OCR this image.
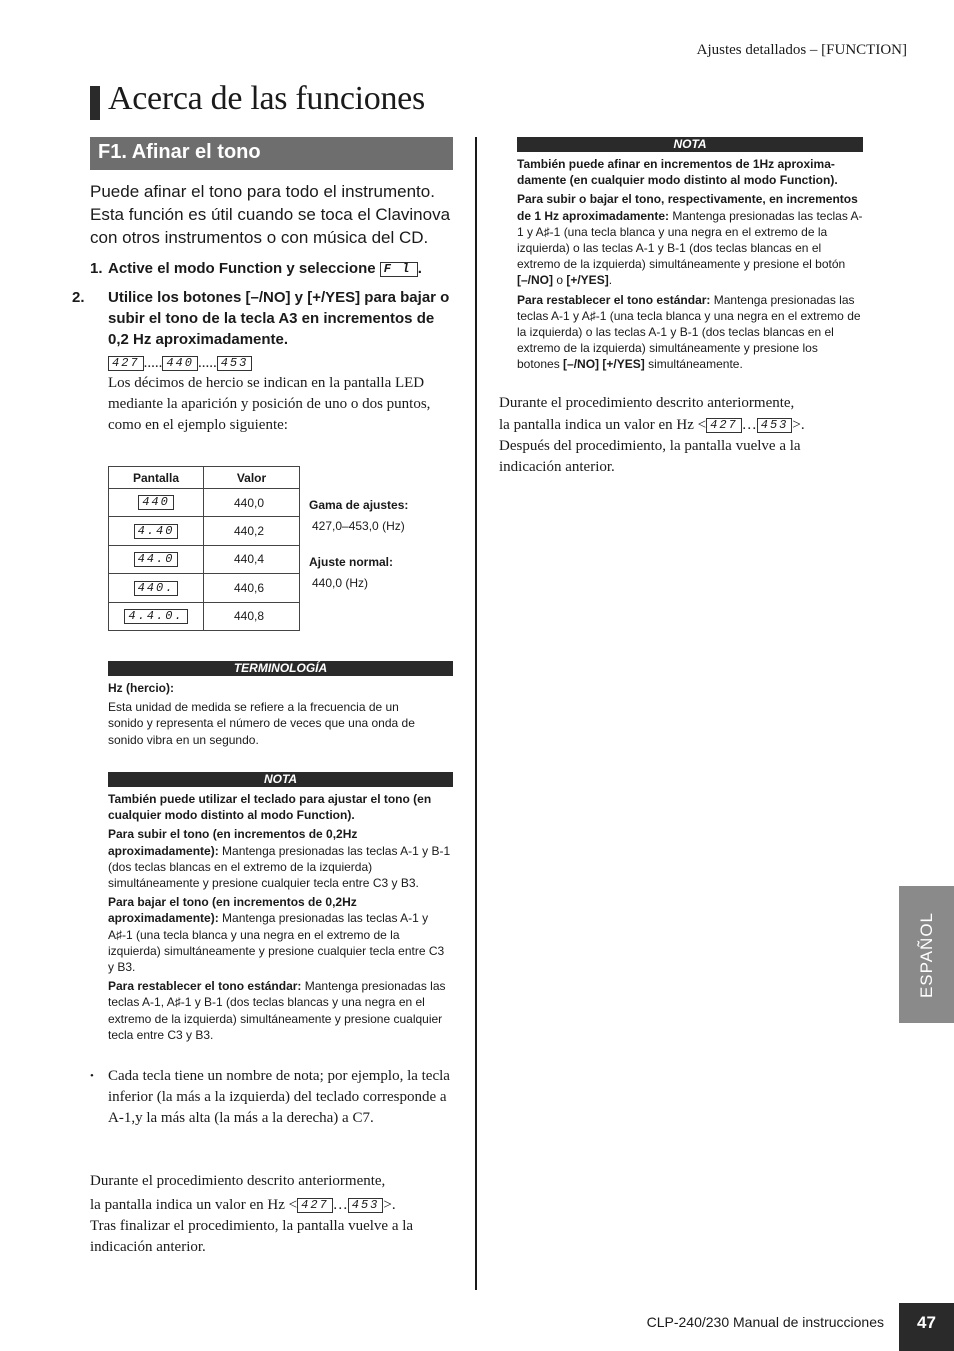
Ajustes detallados – [FUNCTION]
Acerca de las funciones
F1. Afinar el tono
Puede afinar el tono para todo el instrumento. Esta función es útil cuando se toca el Clavinova con otros instrumentos o con música del CD.
1. Active el modo Function y seleccione F l .
2. Utilice los botones [–/NO] y [+/YES] para bajar o subir el tono de la tecla A3 en incrementos de 0,2 Hz aproximadamente.
427 ..... 440 ..... 453
Los décimos de hercio se indican en la pantalla LED mediante la aparición y posición de uno o dos puntos, como en el ejemplo siguiente:
Pantalla	Valor
440	440,0
4.40	440,2
44.0	440,4
440.	440,6
4.4.0.	440,8
Gama de ajustes:
427,0–453,0 (Hz)
Ajuste normal:
440,0 (Hz)
TERMINOLOGÍA

Hz (hercio):

Esta unidad de medida se refiere a la frecuencia de un sonido y representa el número de veces que una onda de sonido vibra en un segundo.

NOTA

También puede utilizar el teclado para ajustar el tono (en cualquier modo distinto al modo Function).

Para subir el tono (en incrementos de 0,2Hz aproximadamente): Mantenga presionadas las teclas A-1 y B-1 (dos teclas blancas en el extremo de la izquierda) simultáneamente y presione cualquier tecla entre C3 y B3.

Para bajar el tono (en incrementos de 0,2Hz aproximadamente): Mantenga presionadas las teclas A-1 y A♯-1 (una tecla blanca y una negra en el extremo de la izquierda) simultáneamente y presione cualquier tecla entre C3 y B3.

Para restablecer el tono estándar: Mantenga presionadas las teclas A-1, A♯-1 y B-1 (dos teclas blancas y una negra en el extremo de la izquierda) simultáneamente y presione cualquier tecla entre C3 y B3.

• Cada tecla tiene un nombre de nota; por ejemplo, la tecla inferior (la más a la izquierda) del teclado corresponde a A-1,y la más alta (la más a la derecha) a C7.
Durante el procedimiento descrito anteriormente,
la pantalla indica un valor en Hz < 427 … 453 >.
Tras finalizar el procedimiento, la pantalla vuelve a la indicación anterior.
NOTA

También puede afinar en incrementos de 1Hz aproxima-damente (en cualquier modo distinto al modo Function).

Para subir o bajar el tono, respectivamente, en incrementos de 1 Hz aproximadamente: Mantenga presionadas las teclas A-1 y A♯-1 (una tecla blanca y una negra en el extremo de la izquierda) o las teclas A-1 y B-1 (dos teclas blancas en el extremo de la izquierda) simultáneamente y presione el botón [–/NO] o [+/YES].

Para restablecer el tono estándar: Mantenga presionadas las teclas A-1 y A♯-1 (una tecla blanca y una negra en el extremo de la izquierda) o las teclas A-1 y B-1 (dos teclas blancas en el extremo de la izquierda) simultáneamente y presione los botones [–/NO] [+/YES] simultáneamente.

Durante el procedimiento descrito anteriormente,
la pantalla indica un valor en Hz < 427 … 453 >.
Después del procedimiento, la pantalla vuelve a la indicación anterior.
ESPAÑOL
CLP-240/230 Manual de instrucciones	47
